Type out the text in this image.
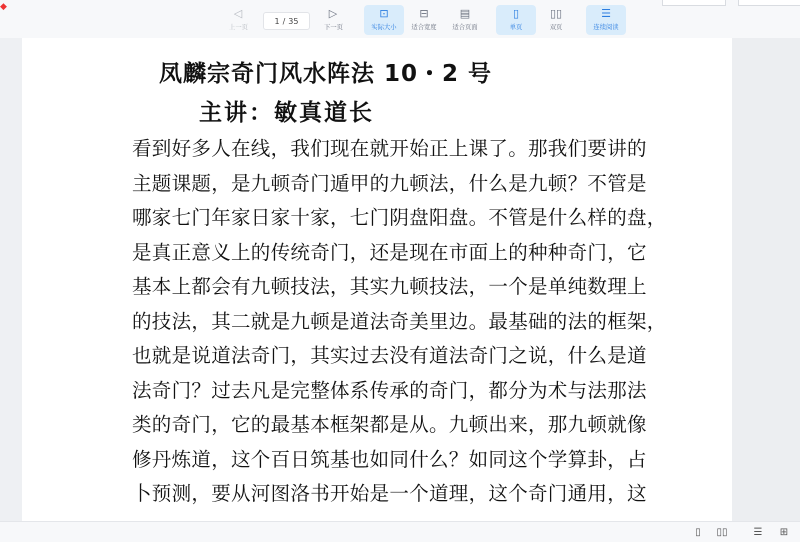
◆	◁
上一页
1 / 35
▷
下一页
⊡
实际大小
⊟
适合宽度
▤
适合页面
▯
单页
▯▯
双页
☰
连续阅读
凤麟宗奇门风水阵法 10・2 号
主讲：敏真道长
看到好多人在线，我们现在就开始正上课了。那我们要讲的
主题课题，是九顿奇门遁甲的九顿法，什么是九顿？不管是
哪家七门年家日家十家，七门阴盘阳盘。不管是什么样的盘，
是真正意义上的传统奇门，还是现在市面上的种种奇门，它
基本上都会有九顿技法，其实九顿技法，一个是单纯数理上
的技法，其二就是九顿是道法奇美里边。最基础的法的框架，
也就是说道法奇门，其实过去没有道法奇门之说，什么是道
法奇门？过去凡是完整体系传承的奇门，都分为术与法那法
类的奇门，它的最基本框架都是从。九顿出来，那九顿就像
修丹炼道，这个百日筑基也如同什么？如同这个学算卦，占
卜预测，要从河图洛书开始是一个道理，这个奇门通用，这
▯	▯▯	☰	⊞
